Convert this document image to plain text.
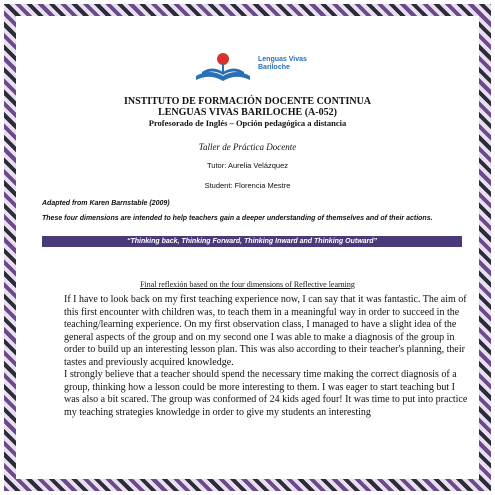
Lenguas Vivas
Bariloche
INSTITUTO DE FORMACIÓN DOCENTE CONTINUA
LENGUAS VIVAS BARILOCHE (A-052)
Profesorado de Inglés – Opción pedagógica a distancia
Taller de Práctica Docente
Tutor: Aurelia Velázquez
Student: Florencia Mestre
Adapted from Karen Barnstable (2009)
These four dimensions are intended to help teachers gain a deeper understanding of themselves and of their actions.
“Thinking back, Thinking Forward, Thinking Inward and Thinking Outward”
Final reflexión based on the four dimensions of Reflective learning

If I have to look back on my first teaching experience now, I can say that it was fantastic. The aim of this first encounter with children was, to teach them in a meaningful way in order to succeed in the teaching/learning experience. On my first observation class, I managed to have a slight idea of the general aspects of the group and on my second one I was able to make a diagnosis of the group in order to build up an interesting lesson plan. This was also according to their teacher's planning, their tastes and previously acquired knowledge.

I strongly believe that a teacher should spend the necessary time making the correct diagnosis of a group, thinking how a lesson could be more interesting to them. I was eager to start teaching but I was also a bit scared. The group was conformed of 24 kids aged four! It was time to put into practice my teaching strategies knowledge in order to give my students an interesting
